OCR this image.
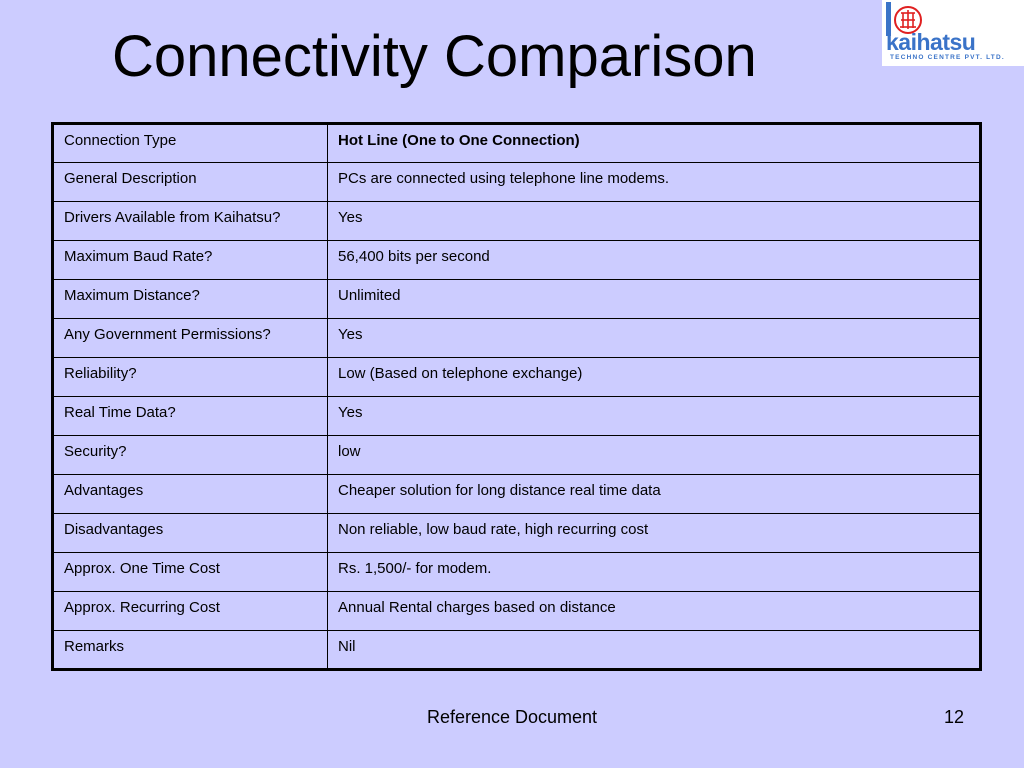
Connectivity Comparison	kaihatsu
TECHNO CENTRE PVT. LTD.
Connection Type	Hot Line (One to One Connection)

General Description	PCs are connected using telephone line modems.

Drivers Available from Kaihatsu?	Yes

Maximum Baud Rate?	56,400 bits per second

Maximum Distance?	Unlimited

Any Government Permissions?	Yes

Reliability?	Low (Based on telephone exchange)

Real Time Data?	Yes

Security?	low

Advantages	Cheaper solution for long distance real time data

Disadvantages	Non reliable, low baud rate, high recurring cost

Approx. One Time Cost	Rs. 1,500/- for modem.

Approx. Recurring Cost	Annual Rental charges based on distance

Remarks	Nil
Reference Document	12
